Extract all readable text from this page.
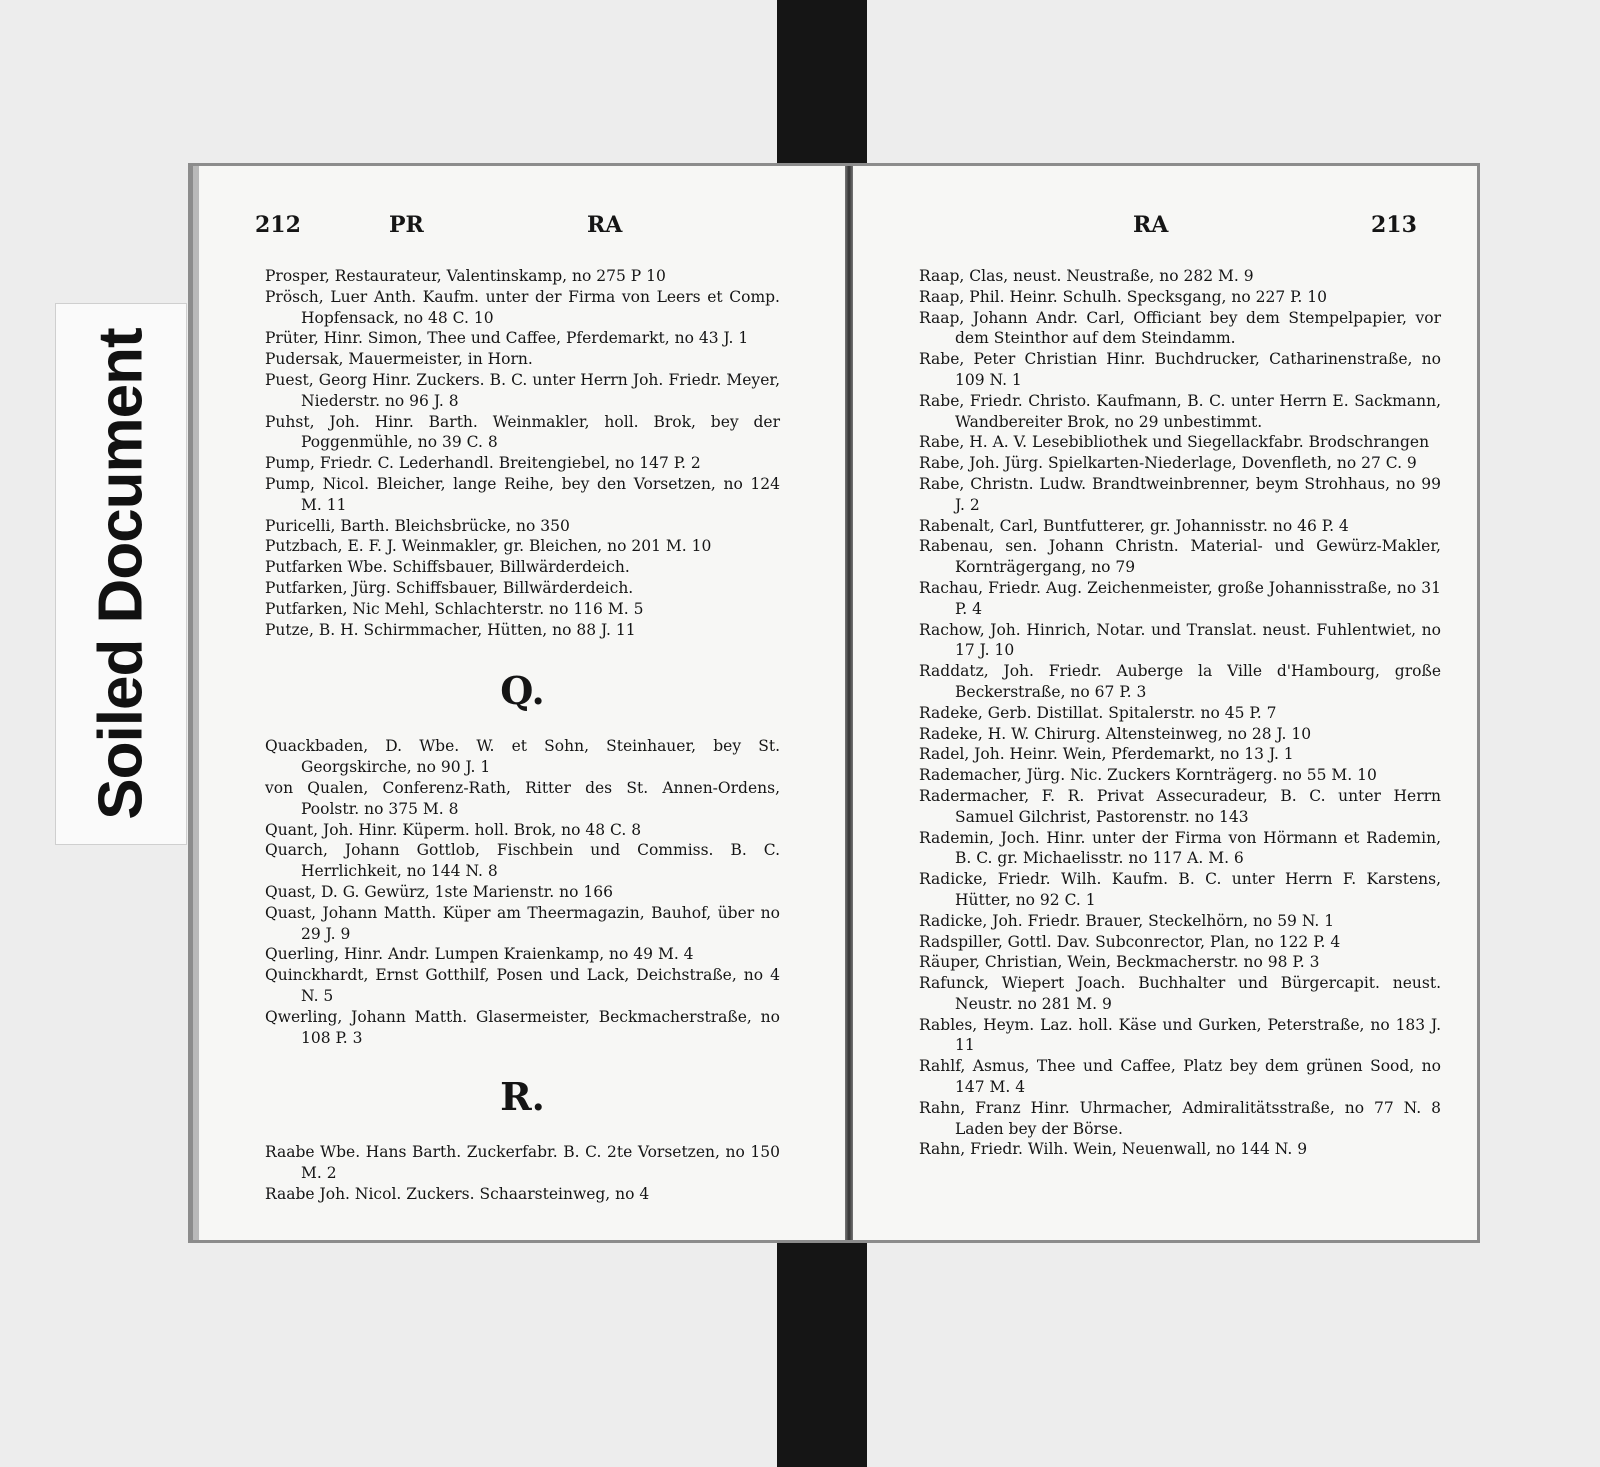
Soiled Document
212	PR	RA
Prosper, Restaurateur, Valentinskamp, no 275 P 10
Prösch, Luer Anth. Kaufm. unter der Firma von Leers et Comp. Hopfensack, no 48 C. 10
Prüter, Hinr. Simon, Thee und Caffee, Pferdemarkt, no 43 J. 1
Pudersak, Mauermeister, in Horn.
Puest, Georg Hinr. Zuckers. B. C. unter Herrn Joh. Friedr. Meyer, Niederstr. no 96 J. 8
Puhst, Joh. Hinr. Barth. Weinmakler, holl. Brok, bey der Poggenmühle, no 39 C. 8
Pump, Friedr. C. Lederhandl. Breitengiebel, no 147 P. 2
Pump, Nicol. Bleicher, lange Reihe, bey den Vorsetzen, no 124 M. 11
Puricelli, Barth. Bleichsbrücke, no 350
Putzbach, E. F. J. Weinmakler, gr. Bleichen, no 201 M. 10
Putfarken Wbe. Schiffsbauer, Billwärderdeich.
Putfarken, Jürg. Schiffsbauer, Billwärderdeich.
Putfarken, Nic Mehl, Schlachterstr. no 116 M. 5
Putze, B. H. Schirmmacher, Hütten, no 88 J. 11
Q.
Quackbaden, D. Wbe. W. et Sohn, Steinhauer, bey St. Georgskirche, no 90 J. 1
von Qualen, Conferenz-Rath, Ritter des St. Annen-Ordens, Poolstr. no 375 M. 8
Quant, Joh. Hinr. Küperm. holl. Brok, no 48 C. 8
Quarch, Johann Gottlob, Fischbein und Commiss. B. C. Herrlichkeit, no 144 N. 8
Quast, D. G. Gewürz, 1ste Marienstr. no 166
Quast, Johann Matth. Küper am Theermagazin, Bauhof, über no 29 J. 9
Querling, Hinr. Andr. Lumpen Kraienkamp, no 49 M. 4
Quinckhardt, Ernst Gotthilf, Posen und Lack, Deichstraße, no 4 N. 5
Qwerling, Johann Matth. Glasermeister, Beckmacherstraße, no 108 P. 3
R.
Raabe Wbe. Hans Barth. Zuckerfabr. B. C. 2te Vorsetzen, no 150 M. 2
Raabe Joh. Nicol. Zuckers. Schaarsteinweg, no 4
RA	213
Raap, Clas, neust. Neustraße, no 282 M. 9
Raap, Phil. Heinr. Schulh. Specksgang, no 227 P. 10
Raap, Johann Andr. Carl, Officiant bey dem Stempelpapier, vor dem Steinthor auf dem Steindamm.
Rabe, Peter Christian Hinr. Buchdrucker, Catharinenstraße, no 109 N. 1
Rabe, Friedr. Christo. Kaufmann, B. C. unter Herrn E. Sackmann, Wandbereiter Brok, no 29 unbestimmt.
Rabe, H. A. V. Lesebibliothek und Siegellackfabr. Brodschrangen
Rabe, Joh. Jürg. Spielkarten-Niederlage, Dovenfleth, no 27 C. 9
Rabe, Christn. Ludw. Brandtweinbrenner, beym Strohhaus, no 99 J. 2
Rabenalt, Carl, Buntfutterer, gr. Johannisstr. no 46 P. 4
Rabenau, sen. Johann Christn. Material- und Gewürz-Makler, Kornträgergang, no 79
Rachau, Friedr. Aug. Zeichenmeister, große Johannisstraße, no 31 P. 4
Rachow, Joh. Hinrich, Notar. und Translat. neust. Fuhlentwiet, no 17 J. 10
Raddatz, Joh. Friedr. Auberge la Ville d'Hambourg, große Beckerstraße, no 67 P. 3
Radeke, Gerb. Distillat. Spitalerstr. no 45 P. 7
Radeke, H. W. Chirurg. Altensteinweg, no 28 J. 10
Radel, Joh. Heinr. Wein, Pferdemarkt, no 13 J. 1
Rademacher, Jürg. Nic. Zuckers Kornträgerg. no 55 M. 10
Radermacher, F. R. Privat Assecuradeur, B. C. unter Herrn Samuel Gilchrist, Pastorenstr. no 143
Rademin, Joch. Hinr. unter der Firma von Hörmann et Rademin, B. C. gr. Michaelisstr. no 117 A. M. 6
Radicke, Friedr. Wilh. Kaufm. B. C. unter Herrn F. Karstens, Hütter, no 92 C. 1
Radicke, Joh. Friedr. Brauer, Steckelhörn, no 59 N. 1
Radspiller, Gottl. Dav. Subconrector, Plan, no 122 P. 4
Räuper, Christian, Wein, Beckmacherstr. no 98 P. 3
Rafunck, Wiepert Joach. Buchhalter und Bürgercapit. neust. Neustr. no 281 M. 9
Rables, Heym. Laz. holl. Käse und Gurken, Peterstraße, no 183 J. 11
Rahlf, Asmus, Thee und Caffee, Platz bey dem grünen Sood, no 147 M. 4
Rahn, Franz Hinr. Uhrmacher, Admiralitätsstraße, no 77 N. 8 Laden bey der Börse.
Rahn, Friedr. Wilh. Wein, Neuenwall, no 144 N. 9
